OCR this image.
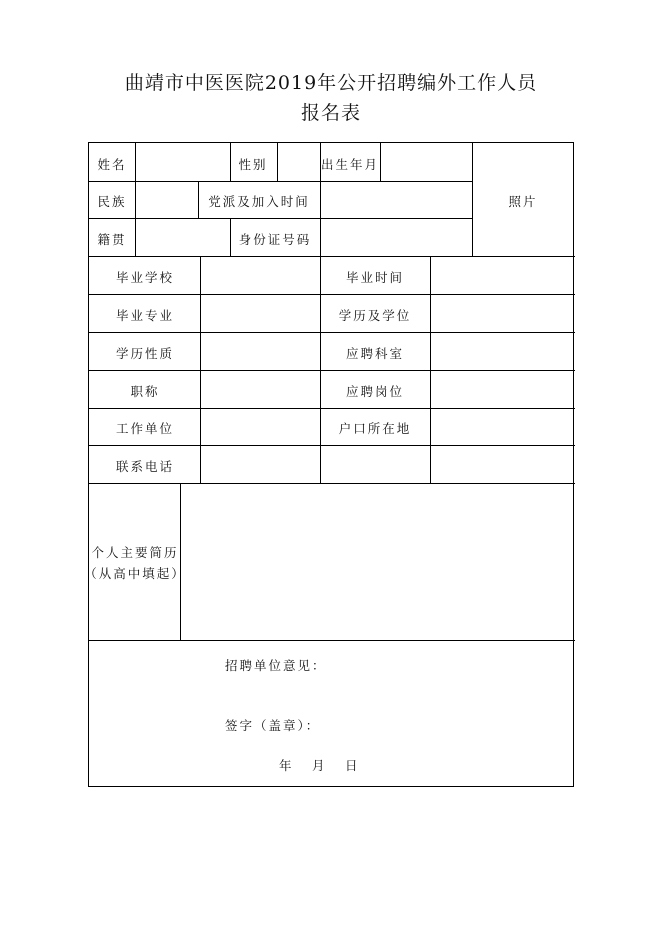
曲靖市中医医院2019年公开招聘编外工作人员
报名表
姓名	性别	出生年月
照片
民族	党派及加入时间
籍贯	身份证号码
毕业学校	毕业时间
毕业专业	学历及学位
学历性质	应聘科室
职称	应聘岗位
工作单位	户口所在地
联系电话
个人主要简历
（从高中填起）
招聘单位意见：
签字（盖章）：
年 月 日
